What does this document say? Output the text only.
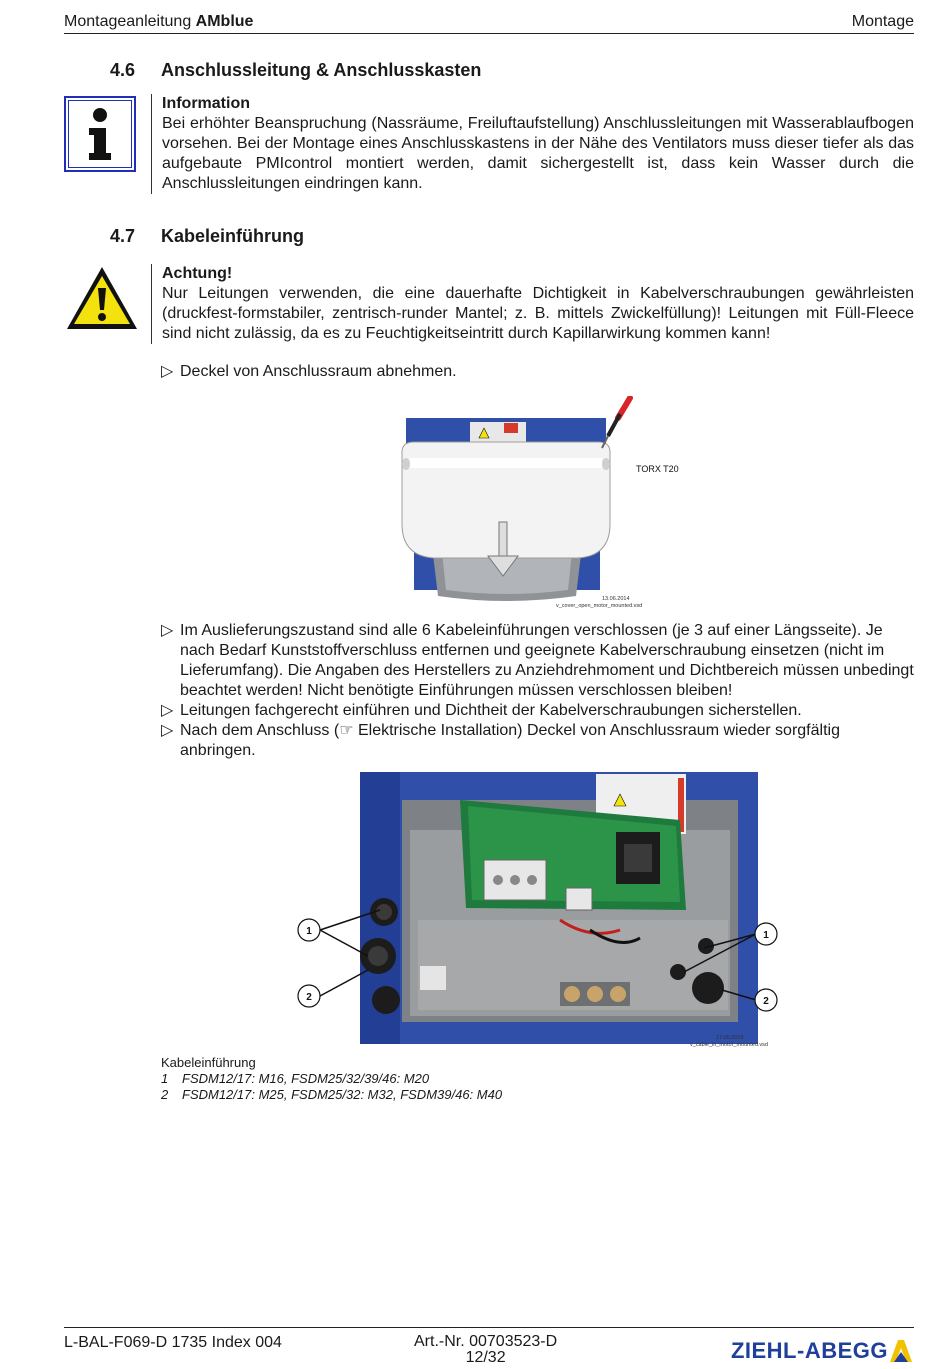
Montageanleitung AMblue	Montage
4.6	Anschlussleitung & Anschlusskasten
Information
Bei erhöhter Beanspruchung (Nassräume, Freiluftaufstellung) Anschlussleitungen mit Wasserablaufbogen vorsehen. Bei der Montage eines Anschlusskastens in der Nähe des Ventilators muss dieser tiefer als das aufgebaute PMIcontrol montiert werden, damit sichergestellt ist, dass kein Wasser durch die Anschlussleitungen eindringen kann.
4.7	Kabeleinführung
Achtung!
Nur Leitungen verwenden, die eine dauerhafte Dichtigkeit in Kabelverschraubungen gewährleisten (druckfest-formstabiler, zentrisch-runder Mantel; z. B. mittels Zwickelfüllung)! Leitungen mit Füll-Fleece sind nicht zulässig, da es zu Feuchtigkeitseintritt durch Kapillarwirkung kommen kann!
▷ Deckel von Anschlussraum abnehmen.
TORX T20
13.06.2014
v_cover_open_motor_mounted.vsd
▷ Im Auslieferungszustand sind alle 6 Kabeleinführungen verschlossen (je 3 auf einer Längsseite). Je nach Bedarf Kunststoffverschluss entfernen und geeignete Kabelverschraubung einsetzen (nicht im Lieferumfang). Die Angaben des Herstellers zu Anziehdrehmoment und Dichtbereich müssen unbedingt beachtet werden! Nicht benötigte Einführungen müssen verschlossen bleiben!
▷ Leitungen fachgerecht einführen und Dichtheit der Kabelverschraubungen sicherstellen.
▷ Nach dem Anschluss (☞ Elektrische Installation) Deckel von Anschlussraum wieder sorgfältig anbringen.
1
2
1
2
17.05.2016
v_cable_in_motor_mounted.vsd
Kabeleinführung
1	FSDM12/17: M16, FSDM25/32/39/46: M20
2	FSDM12/17: M25, FSDM25/32: M32, FSDM39/46: M40
L-BAL-F069-D 1735 Index 004	Art.-Nr. 00703523-D
12/32	ZIEHL-ABEGG
